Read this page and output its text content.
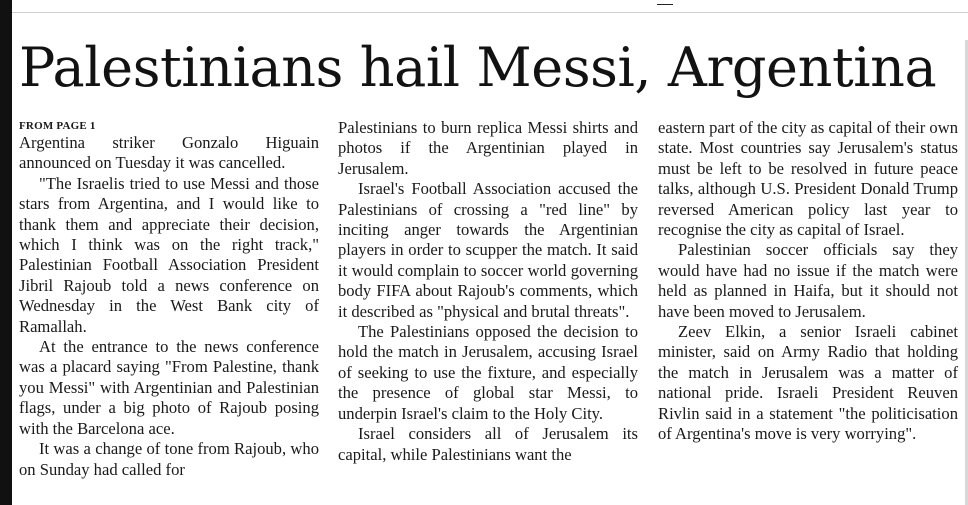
Palestinians hail Messi, Argentina
FROM PAGE 1

Argentina striker Gonzalo Higuain announced on Tuesday it was cancelled.

"The Israelis tried to use Messi and those stars from Argentina, and I would like to thank them and appreciate their decision, which I think was on the right track," Palestinian Football Association President Jibril Rajoub told a news conference on Wednesday in the West Bank city of Ramallah.

At the entrance to the news conference was a placard saying "From Palestine, thank you Messi" with Argentinian and Palestinian flags, under a big photo of Rajoub posing with the Barcelona ace.

It was a change of tone from Rajoub, who on Sunday had called for

Palestinians to burn replica Messi shirts and photos if the Argentinian played in Jerusalem.

Israel's Football Association accused the Palestinians of crossing a "red line" by inciting anger towards the Argentinian players in order to scupper the match. It said it would complain to soccer world governing body FIFA about Rajoub's comments, which it described as "physical and brutal threats".

The Palestinians opposed the decision to hold the match in Jerusalem, accusing Israel of seeking to use the fixture, and especially the presence of global star Messi, to underpin Israel's claim to the Holy City.

Israel considers all of Jerusalem its capital, while Palestinians want the

eastern part of the city as capital of their own state. Most countries say Jerusalem's status must be left to be resolved in future peace talks, although U.S. President Donald Trump reversed American policy last year to recognise the city as capital of Israel.

Palestinian soccer officials say they would have had no issue if the match were held as planned in Haifa, but it should not have been moved to Jerusalem.

Zeev Elkin, a senior Israeli cabinet minister, said on Army Radio that holding the match in Jerusalem was a matter of national pride. Israeli President Reuven Rivlin said in a statement "the politicisation of Argentina's move is very worrying".
